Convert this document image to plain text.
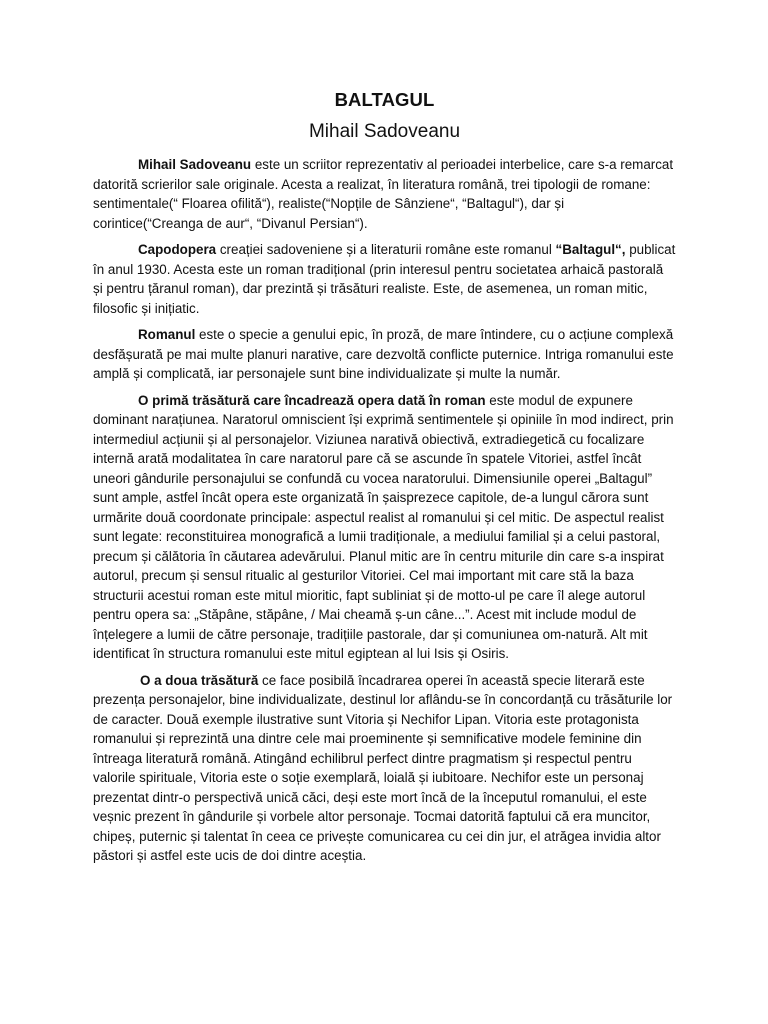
BALTAGUL
Mihail Sadoveanu

Mihail Sadoveanu este un scriitor reprezentativ al perioadei interbelice, care s-a remarcat datorită scrierilor sale originale. Acesta a realizat, în literatura română, trei tipologii de romane: sentimentale(“ Floarea ofilită“), realiste(“Nopțile de Sânziene“, “Baltagul“), dar și corintice(“Creanga de aur“, “Divanul Persian“).

Capodopera creației sadoveniene și a literaturii române este romanul “Baltagul“, publicat în anul 1930. Acesta este un roman tradițional (prin interesul pentru societatea arhaică pastorală și pentru țăranul roman), dar prezintă și trăsături realiste. Este, de asemenea, un roman mitic, filosofic și inițiatic.

Romanul este o specie a genului epic, în proză, de mare întindere, cu o acțiune complexă desfășurată pe mai multe planuri narative, care dezvoltă conflicte puternice. Intriga romanului este amplă și complicată, iar personajele sunt bine individualizate și multe la număr.

O primă trăsătură care încadrează opera dată în roman este modul de expunere dominant narațiunea. Naratorul omniscient își exprimă sentimentele și opiniile în mod indirect, prin intermediul acțiunii și al personajelor. Viziunea narativă obiectivă, extradiegetică cu focalizare internă arată modalitatea în care naratorul pare că se ascunde în spatele Vitoriei, astfel încât uneori gândurile personajului se confundă cu vocea naratorului. Dimensiunile operei „Baltagul” sunt ample, astfel încât opera este organizată în șaisprezece capitole, de-a lungul cărora sunt urmărite două coordonate principale: aspectul realist al romanului și cel mitic. De aspectul realist sunt legate: reconstituirea monografică a lumii tradiționale, a mediului familial și a celui pastoral, precum și călătoria în căutarea adevărului. Planul mitic are în centru miturile din care s-a inspirat autorul, precum și sensul ritualic al gesturilor Vitoriei. Cel mai important mit care stă la baza structurii acestui roman este mitul mioritic, fapt subliniat și de motto-ul pe care îl alege autorul pentru opera sa: „Stăpâne, stăpâne, / Mai cheamă ș-un câne...”. Acest mit include modul de înțelegere a lumii de către personaje, tradițiile pastorale, dar și comuniunea om-natură. Alt mit identificat în structura romanului este mitul egiptean al lui Isis și Osiris.

O a doua trăsătură ce face posibilă încadrarea operei în această specie literară este prezența personajelor, bine individualizate, destinul lor aflându-se în concordanță cu trăsăturile lor de caracter. Două exemple ilustrative sunt Vitoria și Nechifor Lipan. Vitoria este protagonista romanului și reprezintă una dintre cele mai proeminente și semnificative modele feminine din întreaga literatură română. Atingând echilibrul perfect dintre pragmatism și respectul pentru valorile spirituale, Vitoria este o soție exemplară, loială și iubitoare. Nechifor este un personaj prezentat dintr-o perspectivă unică căci, deși este mort încă de la începutul romanului, el este veșnic prezent în gândurile și vorbele altor personaje. Tocmai datorită faptului că era muncitor, chipeș, puternic și talentat în ceea ce privește comunicarea cu cei din jur, el atrăgea invidia altor păstori și astfel este ucis de doi dintre aceștia.
